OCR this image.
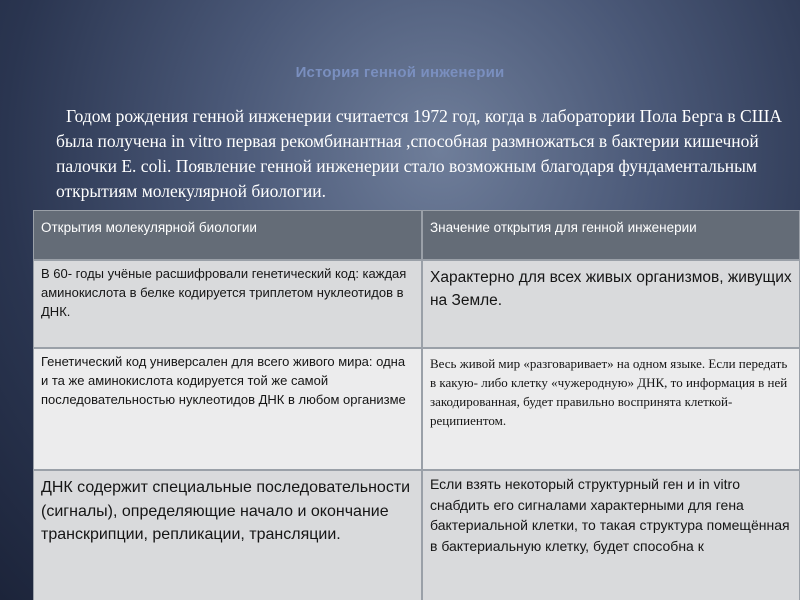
История генной инженерии

Годом рождения генной инженерии считается 1972 год, когда в лаборатории Пола Берга в США была получена in vitro первая рекомбинантная ,способная размножаться в бактерии кишечной палочки E. coli. Появление генной инженерии стало возможным благодаря фундаментальным открытиям молекулярной биологии.

Открытия молекулярной биологии	Значение открытия для генной инженерии
В 60- годы учёные расшифровали генетический код: каждая аминокислота в белке кодируется триплетом нуклеотидов в ДНК.
Характерно для всех живых организмов, живущих на Земле.
Генетический код универсален для всего живого мира: одна и та же аминокислота кодируется той же самой последовательностью нуклеотидов ДНК в любом организме
Весь живой мир «разговаривает» на одном языке. Если передать в какую- либо клетку «чужеродную» ДНК, то информация в ней закодированная, будет правильно воспринята клеткой-реципиентом.
ДНК содержит специальные последовательности (сигналы), определяющие начало и окончание транскрипции, репликации, трансляции.
Если взять некоторый структурный ген и in vitro снабдить его сигналами характерными для гена бактериальной клетки, то такая структура помещённая в бактериальную клетку, будет способна к
